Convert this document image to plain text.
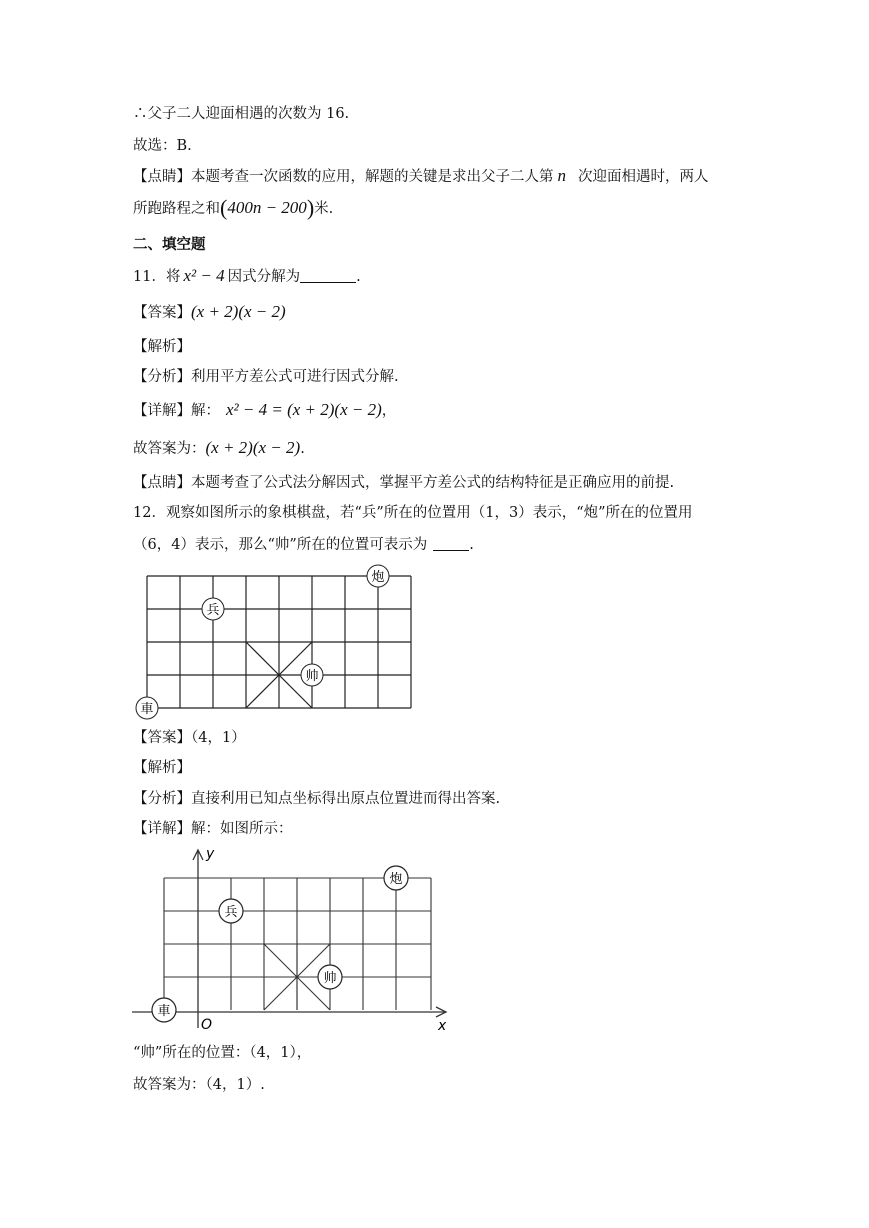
∴父子二人迎面相遇的次数为 16.
故选：B.
【点睛】本题考查一次函数的应用，解题的关键是求出父子二人第 n 次迎面相遇时，两人
所跑路程之和(400n − 200)米.
二、填空题
11．将 x² − 4 因式分解为	.
【答案】(x + 2)(x − 2)
【解析】
【分析】利用平方差公式可进行因式分解.
【详解】解： x² − 4 = (x + 2)(x − 2)，
故答案为：(x + 2)(x − 2).
【点睛】本题考查了公式法分解因式，掌握平方差公式的结构特征是正确应用的前提.
12．观察如图所示的象棋棋盘，若“兵”所在的位置用（1，3）表示，“炮”所在的位置用
（6，4）表示，那么“帅”所在的位置可表示为	.
兵
炮
帅
車
【答案】（4，1）
【解析】
【分析】直接利用已知点坐标得出原点位置进而得出答案.
【详解】解：如图所示：
y
x
O
兵
炮
帅
車
“帅”所在的位置：（4，1），
故答案为：（4，1）.
